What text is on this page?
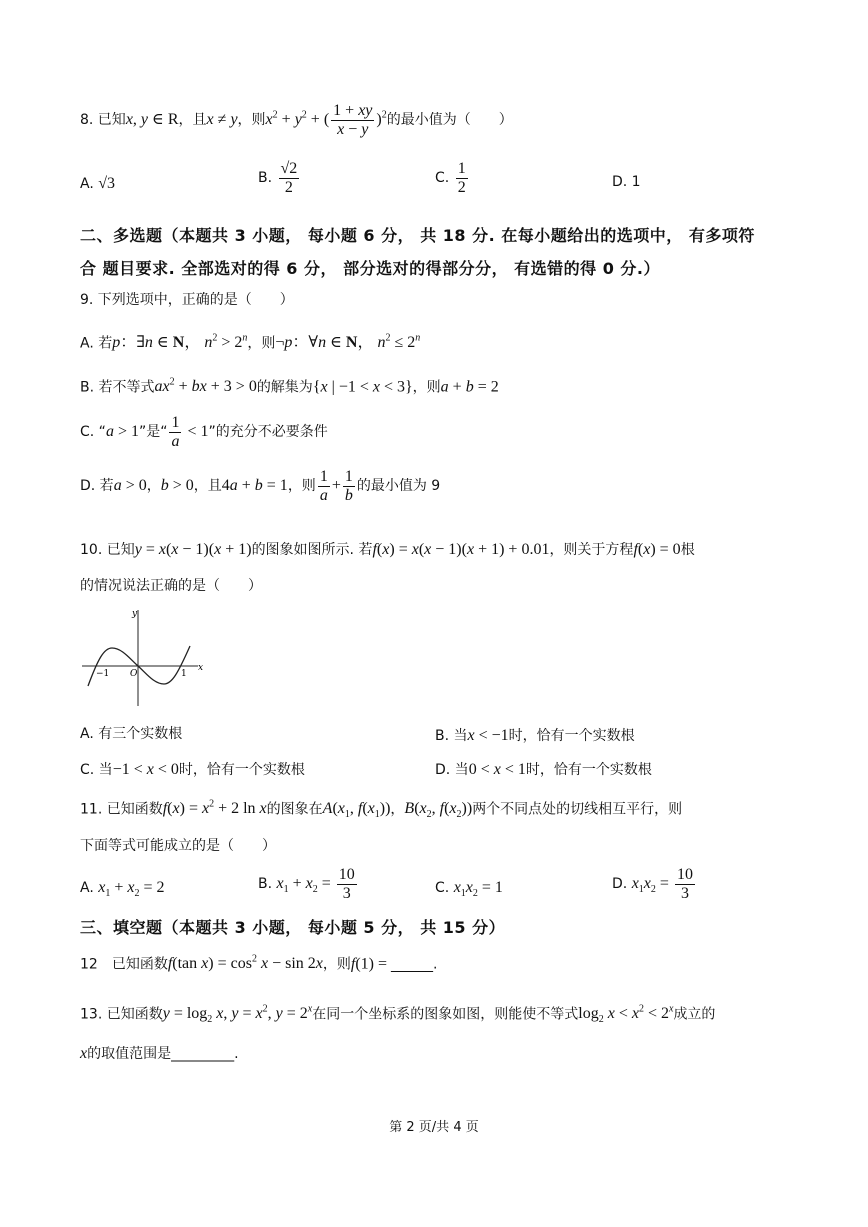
8. 已知x, y ∈ R，且x ≠ y，则$x^2 + y^2$ + ( $\frac{1 + xy}{x - y} )^2$的最小值为（　　）
A. √3	B. $\frac{√2}{2}$	C. $\frac{1}{2}$	D. 1
二、多选题（本题共 3 小题， 每小题 6 分， 共 18 分. 在每小题给出的选项中， 有多项符
合 题目要求. 全部选对的得 6 分， 部分选对的得部分分， 有选错的得 0 分.）
9. 下列选项中，正确的是（　　）
A. 若p：∃n ∈ N， $n^2 > 2^n$，则¬p：∀n ∈ N， $n^2 \le 2^n$
B. 若不等式$ax^2$ + bx + 3 > 0的解集为{x | −1 < x < 3}，则a + b = 2
C. “a > 1”是“ $\frac{1}{a} < 1$”的充分不必要条件
D. 若a > 0，b > 0，且4a + b = 1，则 $\frac{1}{a} + \frac{1}{b}$ 的最小值为 9
10. 已知y = x(x − 1)(x + 1)的图象如图所示. 若f(x) = x(x − 1)(x + 1) + 0.01，则关于方程f(x) = 0根
的情况说法正确的是（　　）
y
x
O
−1	1
A. 有三个实数根	B. 当x < −1时，恰有一个实数根
C. 当−1 < x < 0时，恰有一个实数根	D. 当0 < x < 1时，恰有一个实数根
11. 已知函数$f(x) = x^2 + 2$ ln x的图象在$A(x_1$, $f(x_1)$)，$B(x_2$, $f(x_2)$)两个不同点处的切线相互平行，则
下面等式可能成立的是（　　）
A. $x_1 + x_2 = 2$	B. $x_1 + x_2 = \frac{10}{3}$	C. $x_1x_2 = 1$	D. $x_1x_2 = \frac{10}{3}$
三、填空题（本题共 3 小题， 每小题 5 分， 共 15 分）
12　已知函数f(tan $x) = \cos^2 x - \sin 2x$，则f(1) = ______.
13. 已知函数$y = \log_2 x$, $y = x^2$, $y = 2^x$在同一个坐标系的图象如图，则能使不等式$\log_2 x < x^2 < 2^x$成立的
x的取值范围是_________.
第 2 页/共 4 页
